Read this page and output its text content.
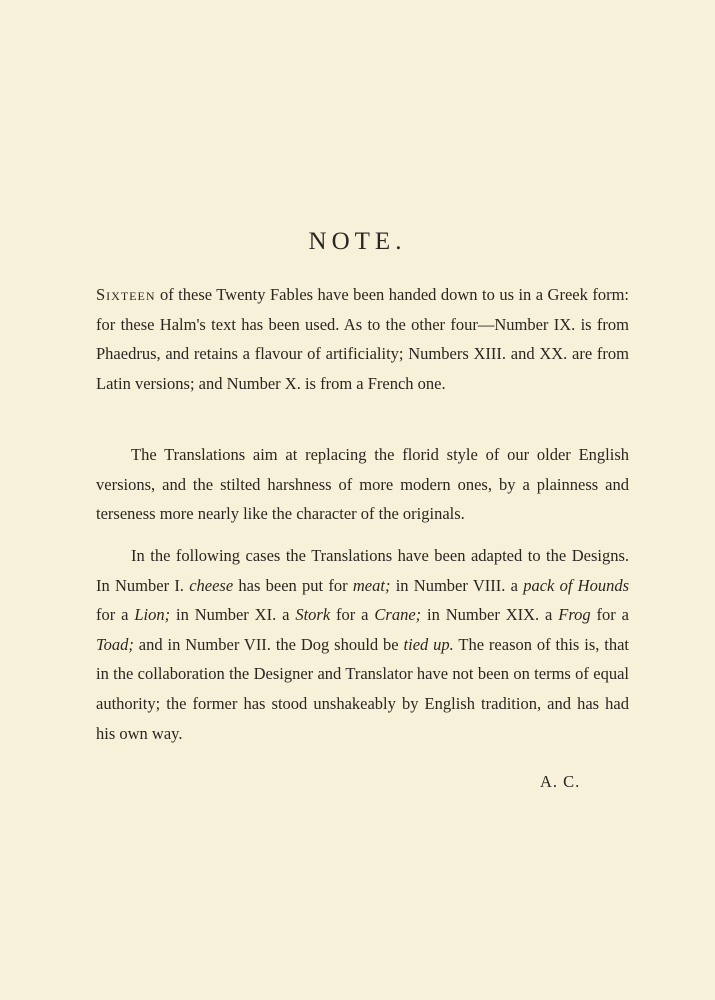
NOTE.

Sixteen of these Twenty Fables have been handed down to us in a Greek form: for these Halm's text has been used. As to the other four—Number IX. is from Phaedrus, and retains a flavour of artificiality; Numbers XIII. and XX. are from Latin versions; and Number X. is from a French one.

The Translations aim at replacing the florid style of our older English versions, and the stilted harshness of more modern ones, by a plainness and terseness more nearly like the character of the originals.

In the following cases the Translations have been adapted to the Designs. In Number I. cheese has been put for meat; in Number VIII. a pack of Hounds for a Lion; in Number XI. a Stork for a Crane; in Number XIX. a Frog for a Toad; and in Number VII. the Dog should be tied up. The reason of this is, that in the collaboration the Designer and Translator have not been on terms of equal authority; the former has stood unshakeably by English tradition, and has had his own way.

A. C.
